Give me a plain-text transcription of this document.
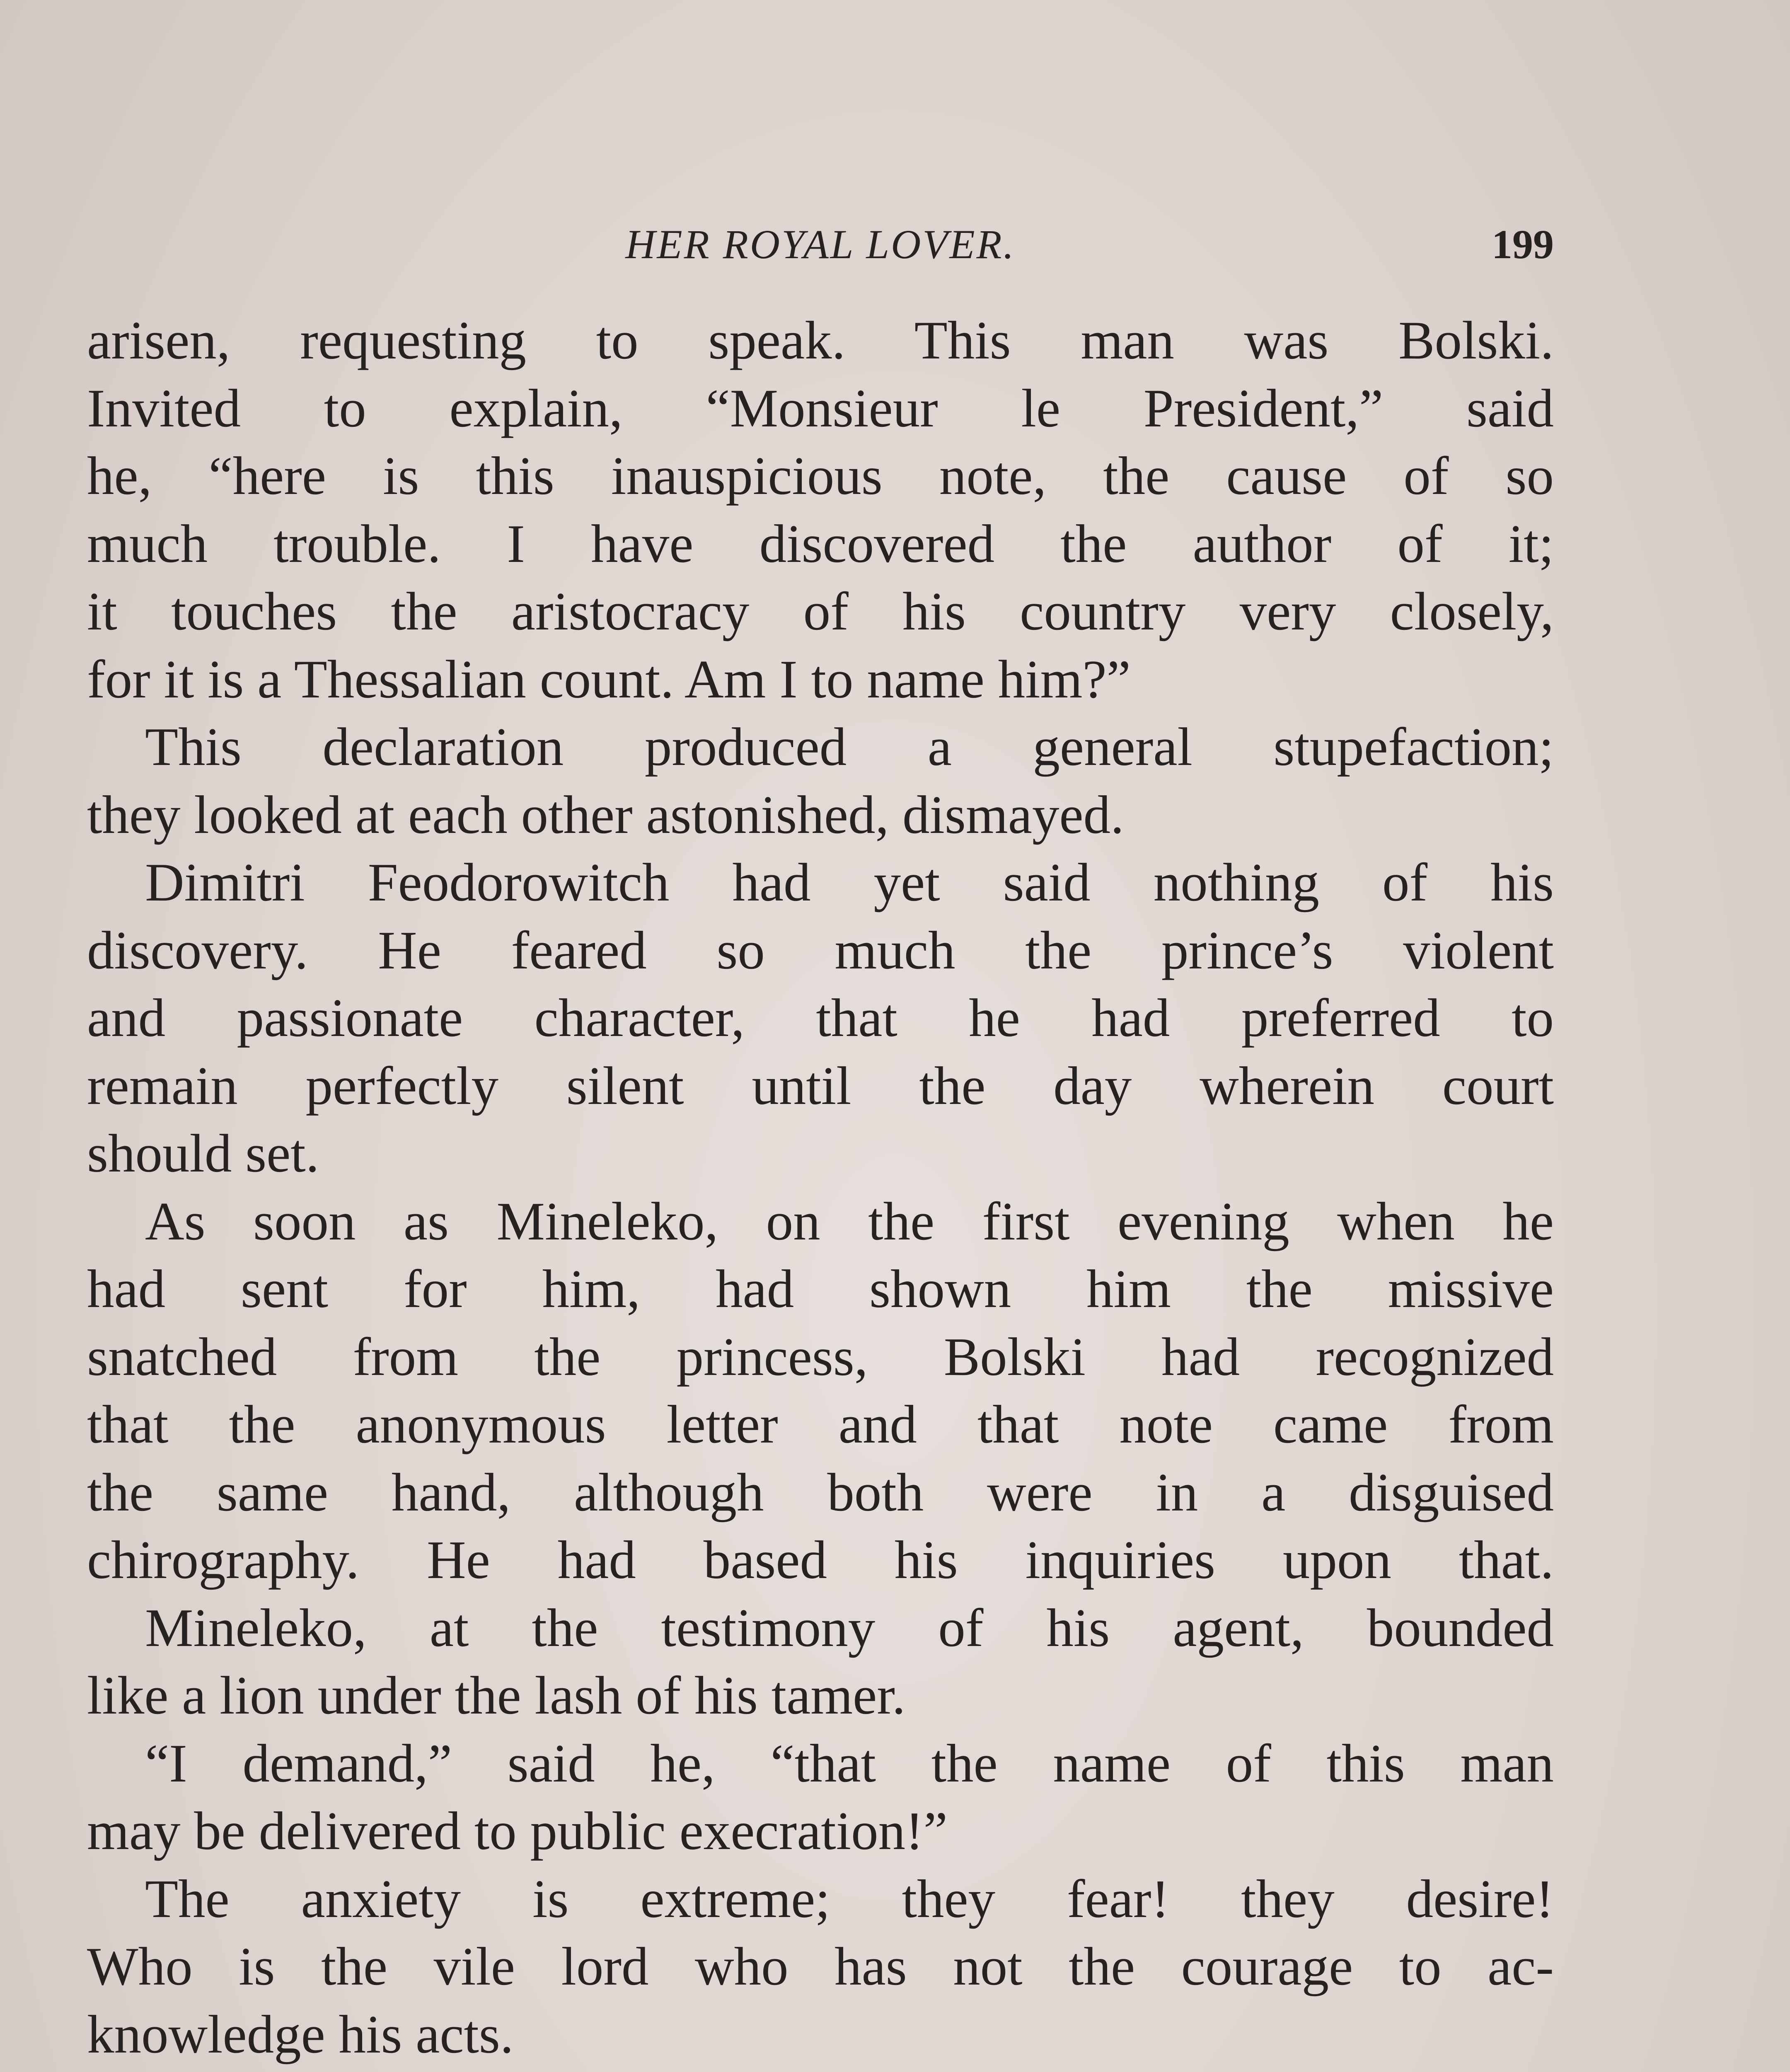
HER ROYAL LOVER.	199
arisen, requesting to speak. This man was Bolski.
Invited to explain, “Monsieur le President,” said
he, “here is this inauspicious note, the cause of so
much trouble. I have discovered the author of it;
it touches the aristocracy of his country very closely,
for it is a Thessalian count. Am I to name him?”
This declaration produced a general stupefaction;
they looked at each other astonished, dismayed.
Dimitri Feodorowitch had yet said nothing of his
discovery. He feared so much the prince’s violent
and passionate character, that he had preferred to
remain perfectly silent until the day wherein court
should set.
As soon as Mineleko, on the first evening when he
had sent for him, had shown him the missive
snatched from the princess, Bolski had recognized
that the anonymous letter and that note came from
the same hand, although both were in a disguised
chirography. He had based his inquiries upon that.
Mineleko, at the testimony of his agent, bounded
like a lion under the lash of his tamer.
“I demand,” said he, “that the name of this man
may be delivered to public execration!”
The anxiety is extreme; they fear! they desire!
Who is the vile lord who has not the courage to ac-
knowledge his acts.
